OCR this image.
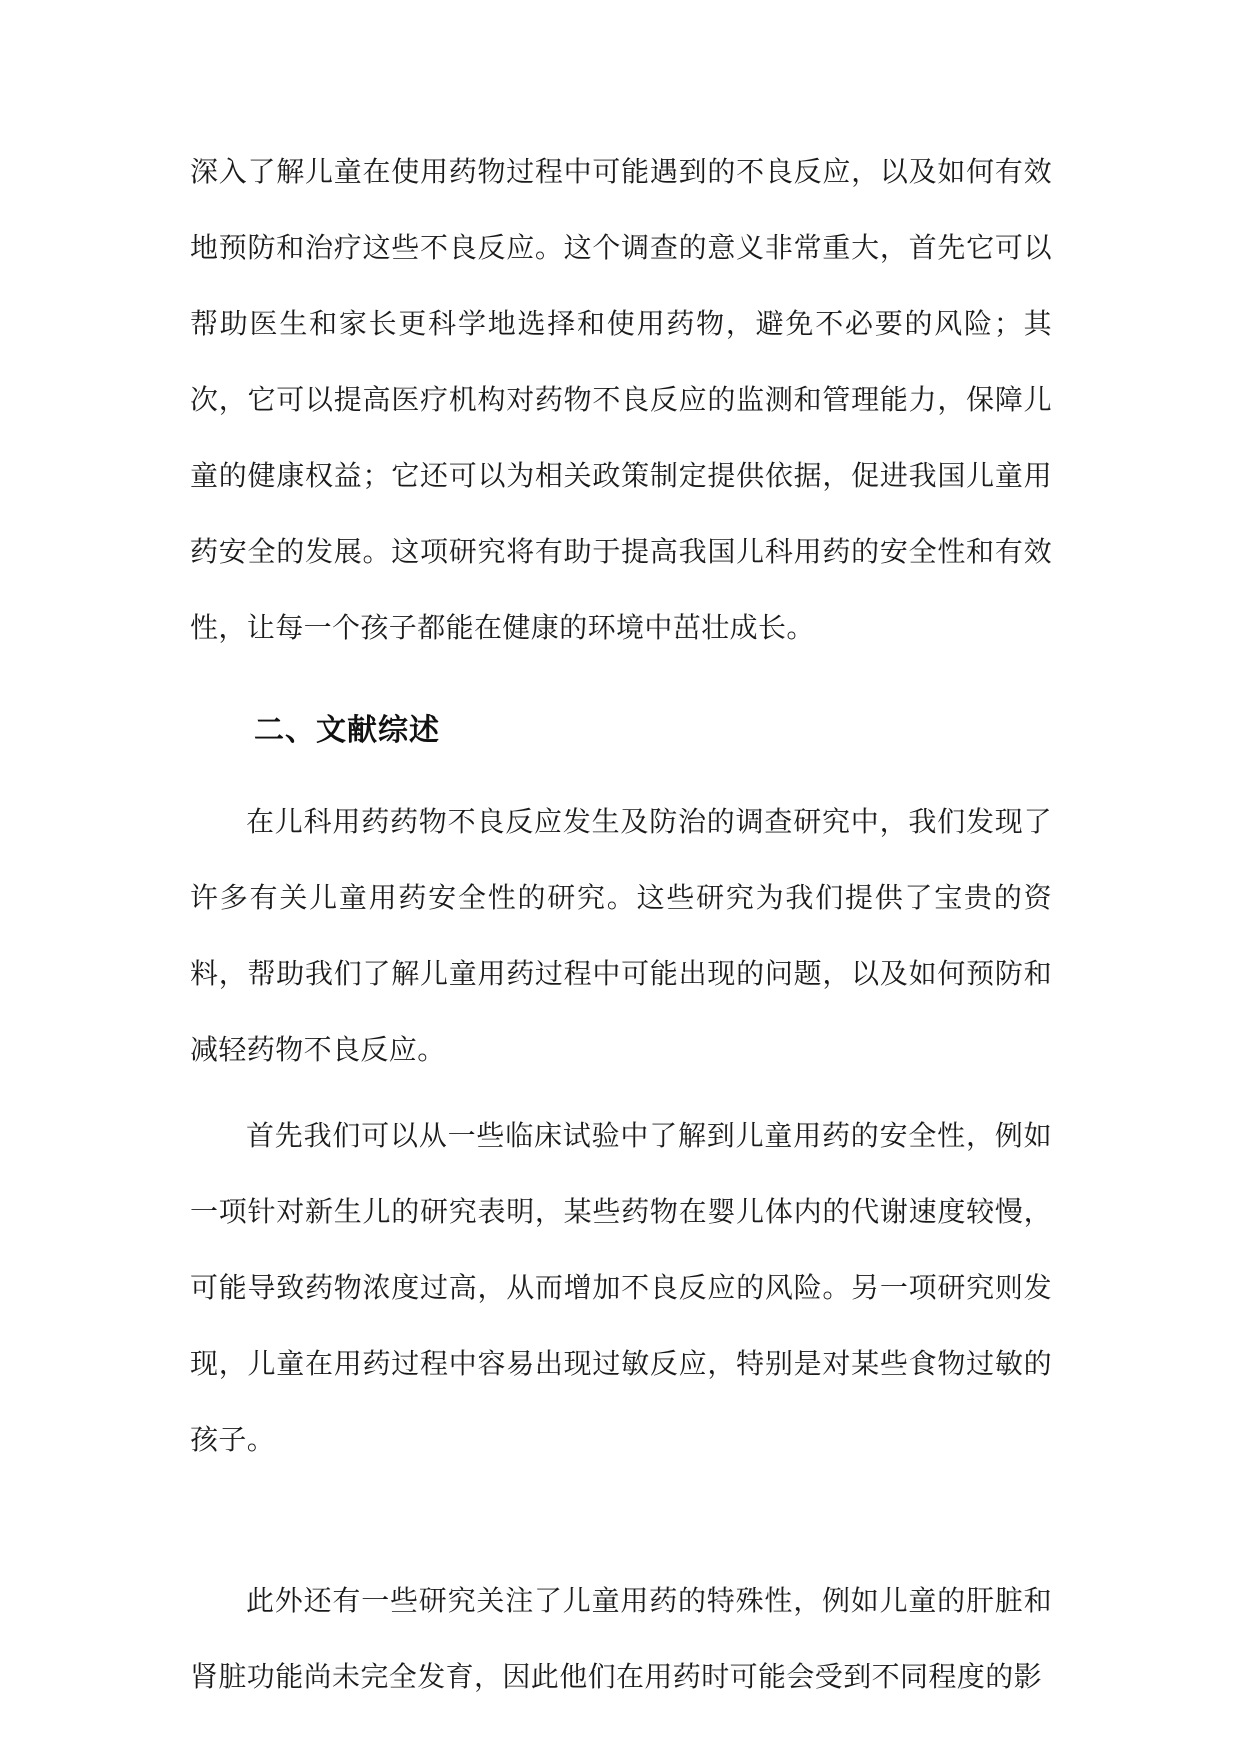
深入了解儿童在使用药物过程中可能遇到的不良反应，以及如何有效地预防和治疗这些不良反应。这个调查的意义非常重大，首先它可以帮助医生和家长更科学地选择和使用药物，避免不必要的风险；其次，它可以提高医疗机构对药物不良反应的监测和管理能力，保障儿童的健康权益；它还可以为相关政策制定提供依据，促进我国儿童用药安全的发展。这项研究将有助于提高我国儿科用药的安全性和有效性，让每一个孩子都能在健康的环境中茁壮成长。

二、文献综述

在儿科用药药物不良反应发生及防治的调查研究中，我们发现了许多有关儿童用药安全性的研究。这些研究为我们提供了宝贵的资料，帮助我们了解儿童用药过程中可能出现的问题，以及如何预防和减轻药物不良反应。

首先我们可以从一些临床试验中了解到儿童用药的安全性，例如一项针对新生儿的研究表明，某些药物在婴儿体内的代谢速度较慢，可能导致药物浓度过高，从而增加不良反应的风险。另一项研究则发现，儿童在用药过程中容易出现过敏反应，特别是对某些食物过敏的孩子。

此外还有一些研究关注了儿童用药的特殊性，例如儿童的肝脏和肾脏功能尚未完全发育，因此他们在用药时可能会受到不同程度的影
